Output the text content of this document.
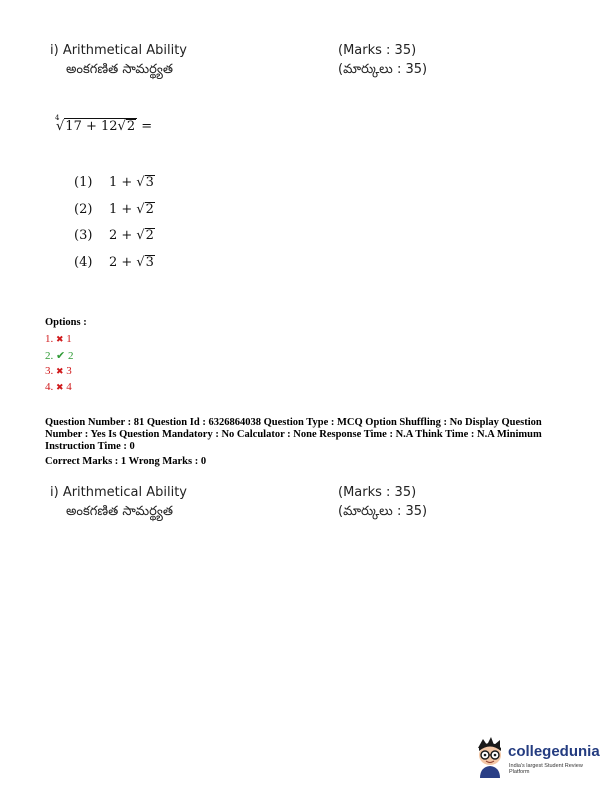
i) Arithmetical Ability	(Marks : 35)
అంకగణిత సామర్థ్యత	(మార్కులు : 35)
4
√17 + 12√2 =
(1) 1 + √3
(2) 1 + √2
(3) 2 + √2
(4) 2 + √3
Options :
1. ✖ 1
2. ✔ 2
3. ✖ 3
4. ✖ 4
Question Number : 81 Question Id : 6326864038 Question Type : MCQ Option Shuffling : No Display Question
Number : Yes Is Question Mandatory : No Calculator : None Response Time : N.A Think Time : N.A Minimum
Instruction Time : 0
Correct Marks : 1 Wrong Marks : 0
i) Arithmetical Ability	(Marks : 35)
అంకగణిత సామర్థ్యత	(మార్కులు : 35)
collegedunia
India's largest Student Review Platform
